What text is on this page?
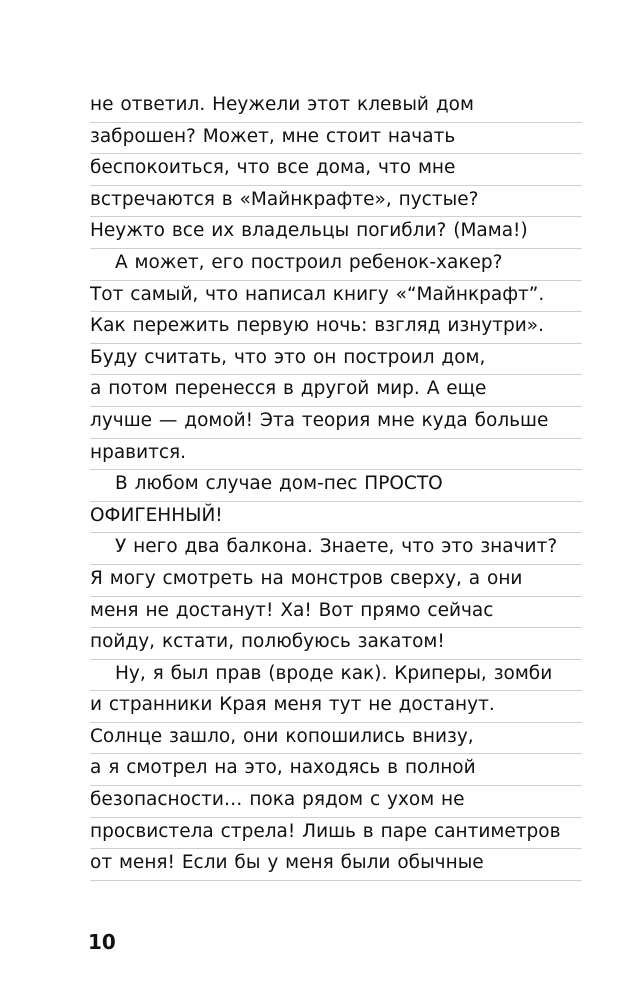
не ответил. Неужели этот клевый дом
заброшен? Может, мне стоит начать
беспокоиться, что все дома, что мне
встречаются в «Майнкрафте», пустые?
Неужто все их владельцы погибли? (Мама!)
А может, его построил ребенок-хакер?
Тот самый, что написал книгу «“Майнкрафт”.
Как пережить первую ночь: взгляд изнутри».
Буду считать, что это он построил дом,
а потом перенесся в другой мир. А еще
лучше — домой! Эта теория мне куда больше
нравится.
В любом случае дом-пес ПРОСТО
ОФИГЕННЫЙ!
У него два балкона. Знаете, что это значит?
Я могу смотреть на монстров сверху, а они
меня не достанут! Ха! Вот прямо сейчас
пойду, кстати, полюбуюсь закатом!
Ну, я был прав (вроде как). Криперы, зомби
и странники Края меня тут не достанут.
Солнце зашло, они копошились внизу,
а я смотрел на это, находясь в полной
безопасности… пока рядом с ухом не
просвистела стрела! Лишь в паре сантиметров
от меня! Если бы у меня были обычные
10
